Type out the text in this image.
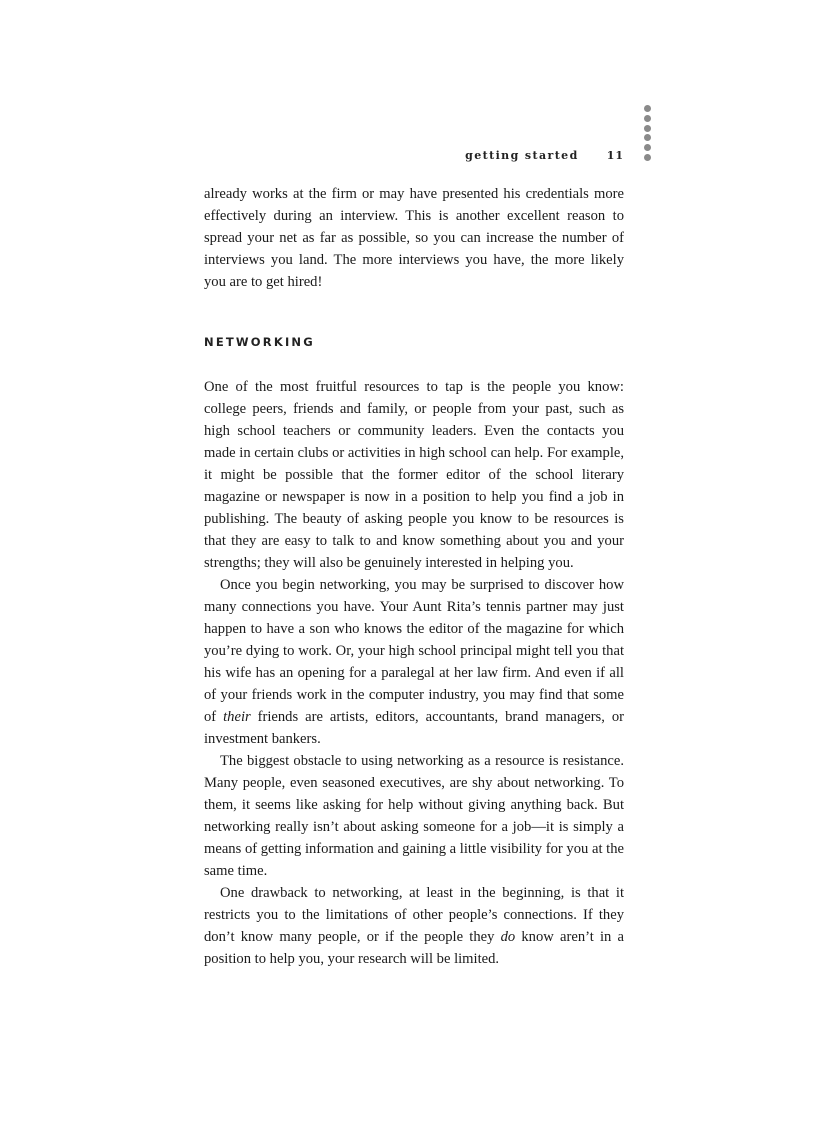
getting started	11

already works at the firm or may have presented his credentials more effectively during an interview. This is another excellent reason to spread your net as far as possible, so you can increase the number of interviews you land. The more interviews you have, the more likely you are to get hired!

NETWORKING

One of the most fruitful resources to tap is the people you know: college peers, friends and family, or people from your past, such as high school teachers or community leaders. Even the contacts you made in certain clubs or activities in high school can help. For example, it might be possible that the former editor of the school literary magazine or newspaper is now in a position to help you find a job in publishing. The beauty of asking people you know to be resources is that they are easy to talk to and know something about you and your strengths; they will also be genuinely interested in helping you.

Once you begin networking, you may be surprised to discover how many connections you have. Your Aunt Rita’s tennis partner may just happen to have a son who knows the editor of the magazine for which you’re dying to work. Or, your high school principal might tell you that his wife has an opening for a paralegal at her law firm. And even if all of your friends work in the computer industry, you may find that some of their friends are artists, editors, accountants, brand managers, or investment bankers.

The biggest obstacle to using networking as a resource is resistance. Many people, even seasoned executives, are shy about networking. To them, it seems like asking for help without giving anything back. But networking really isn’t about asking someone for a job—it is simply a means of getting information and gaining a little visibility for you at the same time.

One drawback to networking, at least in the beginning, is that it restricts you to the limitations of other people’s connections. If they don’t know many people, or if the people they do know aren’t in a position to help you, your research will be limited.
